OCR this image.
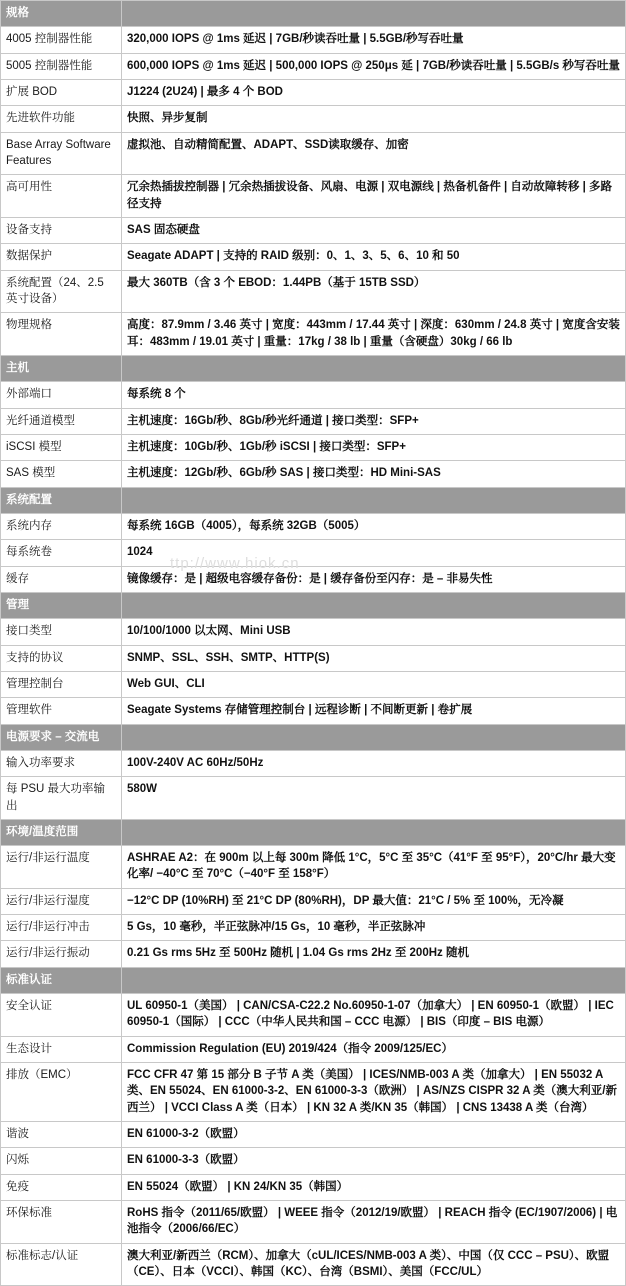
规格	
4005 控制器性能	320,000 IOPS @ 1ms 延迟 | 7GB/秒读吞吐量 | 5.5GB/秒写吞吐量
5005 控制器性能	600,000 IOPS @ 1ms 延迟 | 500,000 IOPS @ 250μs 延 | 7GB/秒读吞吐量 | 5.5GB/s 秒写吞吐量
扩展 BOD	J1224 (2U24) | 最多 4 个 BOD
先进软件功能	快照、异步复制
Base Array Software Features	虚拟池、自动精简配置、ADAPT、SSD读取缓存、加密
高可用性	冗余热插拔控制器 | 冗余热插拔设备、风扇、电源 | 双电源线 | 热备机备件 | 自动故障转移 | 多路径支持
设备支持	SAS 固态硬盘
数据保护	Seagate ADAPT | 支持的 RAID 级别：0、1、3、5、6、10 和 50
系统配置（24、2.5 英寸设备）	最大 360TB（含 3 个 EBOD：1.44PB（基于 15TB SSD）
物理规格	高度：87.9mm / 3.46 英寸 | 宽度：443mm / 17.44 英寸 | 深度：630mm / 24.8 英寸 | 宽度含安装耳：483mm / 19.01 英寸 | 重量：17kg / 38 lb | 重量（含硬盘）30kg / 66 lb
主机	
外部端口	每系统 8 个
光纤通道模型	主机速度：16Gb/秒、8Gb/秒光纤通道 | 接口类型：SFP+
iSCSI 模型	主机速度：10Gb/秒、1Gb/秒 iSCSI | 接口类型：SFP+
SAS 模型	主机速度：12Gb/秒、6Gb/秒 SAS | 接口类型：HD Mini-SAS
系统配置	
系统内存	每系统 16GB（4005），每系统 32GB（5005）
每系统卷	1024
缓存	镜像缓存：是 | 超级电容缓存备份：是 | 缓存备份至闪存：是 – 非易失性
管理	
接口类型	10/100/1000 以太网、Mini USB
支持的协议	SNMP、SSL、SSH、SMTP、HTTP(S)
管理控制台	Web GUI、CLI
管理软件	Seagate Systems 存储管理控制台 | 远程诊断 | 不间断更新 | 卷扩展
电源要求 – 交流电	
输入功率要求	100V-240V AC 60Hz/50Hz
每 PSU 最大功率输出	580W
环境/温度范围	
运行/非运行温度	ASHRAE A2：在 900m 以上每 300m 降低 1°C，5°C 至 35°C（41°F 至 95°F），20°C/hr 最大变化率/ −40°C 至 70°C（−40°F 至 158°F）
运行/非运行湿度	−12°C DP (10%RH) 至 21°C DP (80%RH)，DP 最大值：21°C / 5% 至 100%，无冷凝
运行/非运行冲击	5 Gs，10 毫秒，半正弦脉冲/15 Gs，10 毫秒，半正弦脉冲
运行/非运行振动	0.21 Gs rms 5Hz 至 500Hz 随机 | 1.04 Gs rms 2Hz 至 200Hz 随机
标准认证	
安全认证	UL 60950-1（美国） | CAN/CSA-C22.2 No.60950-1-07（加拿大） | EN 60950-1（欧盟） | IEC 60950-1（国际） | CCC（中华人民共和国 – CCC 电源） | BIS（印度 – BIS 电源）
生态设计	Commission Regulation (EU) 2019/424（指令 2009/125/EC）
排放（EMC）	FCC CFR 47 第 15 部分 B 子节 A 类（美国） | ICES/NMB-003 A 类（加拿大） | EN 55032 A 类、EN 55024、EN 61000-3-2、EN 61000-3-3（欧洲） | AS/NZS CISPR 32 A 类（澳大利亚/新西兰） | VCCI Class A 类（日本） | KN 32 A 类/KN 35（韩国） | CNS 13438 A 类（台湾）
谐波	EN 61000-3-2（欧盟）
闪烁	EN 61000-3-3（欧盟）
免疫	EN 55024（欧盟） | KN 24/KN 35（韩国）
环保标准	RoHS 指令（2011/65/欧盟） | WEEE 指令（2012/19/欧盟） | REACH 指令 (EC/1907/2006) | 电池指令（2006/66/EC）
标准标志/认证	澳大利亚/新西兰（RCM）、加拿大（cUL/ICES/NMB-003 A 类）、中国（仅 CCC – PSU）、欧盟（CE）、日本（VCCI）、韩国（KC）、台湾（BSMI）、美国（FCC/UL）
ttp://www.hiok.cn
